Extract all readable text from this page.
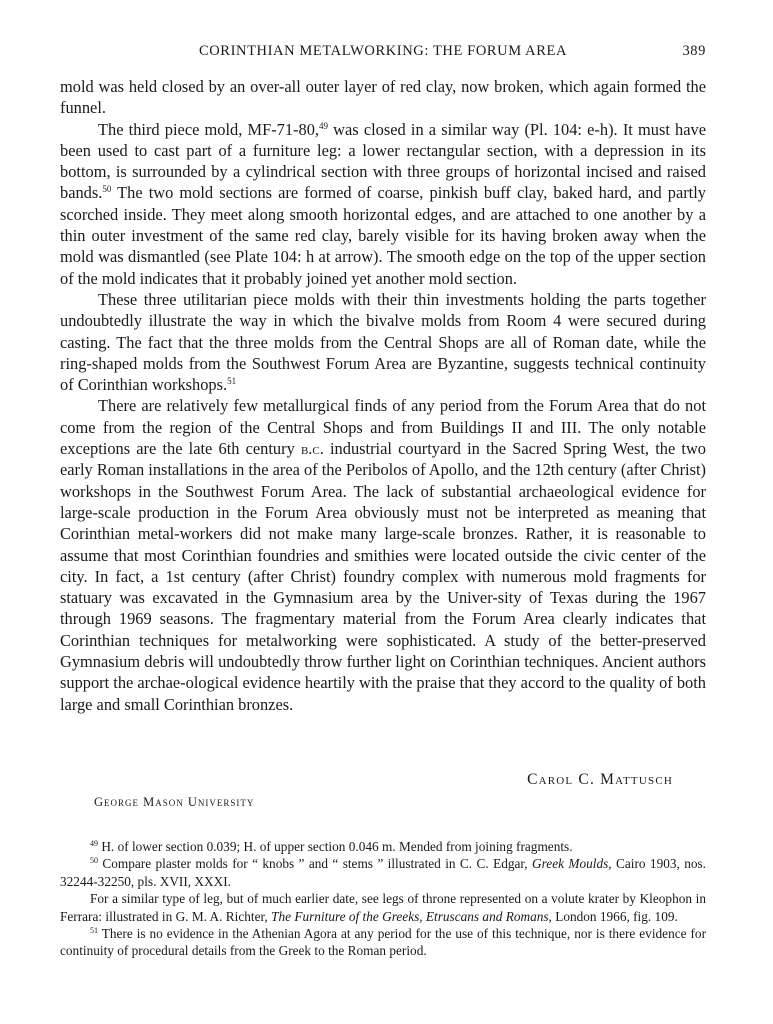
CORINTHIAN METALWORKING: THE FORUM AREA	389

mold was held closed by an over-all outer layer of red clay, now broken, which again formed the funnel.

The third piece mold, MF-71-80,49 was closed in a similar way (Pl. 104: e-h). It must have been used to cast part of a furniture leg: a lower rectangular section, with a depression in its bottom, is surrounded by a cylindrical section with three groups of horizontal incised and raised bands.$^{50}$ The two mold sections are formed of coarse, pinkish buff clay, baked hard, and partly scorched inside. They meet along smooth horizontal edges, and are attached to one another by a thin outer investment of the same red clay, barely visible for its having broken away when the mold was dismantled (see Plate 104: h at arrow). The smooth edge on the top of the upper section of the mold indicates that it probably joined yet another mold section.

These three utilitarian piece molds with their thin investments holding the parts together undoubtedly illustrate the way in which the bivalve molds from Room 4 were secured during casting. The fact that the three molds from the Central Shops are all of Roman date, while the ring-shaped molds from the Southwest Forum Area are Byzantine, suggests technical continuity of Corinthian workshops.$^{51}$

There are relatively few metallurgical finds of any period from the Forum Area that do not come from the region of the Central Shops and from Buildings II and III. The only notable exceptions are the late 6th century b.c. industrial courtyard in the Sacred Spring West, the two early Roman installations in the area of the Peribolos of Apollo, and the 12th century (after Christ) workshops in the Southwest Forum Area. The lack of substantial archaeological evidence for large-scale production in the Forum Area obviously must not be interpreted as meaning that Corinthian metal-workers did not make many large-scale bronzes. Rather, it is reasonable to assume that most Corinthian foundries and smithies were located outside the civic center of the city. In fact, a 1st century (after Christ) foundry complex with numerous mold fragments for statuary was excavated in the Gymnasium area by the Univer-sity of Texas during the 1967 through 1969 seasons. The fragmentary material from the Forum Area clearly indicates that Corinthian techniques for metalworking were sophisticated. A study of the better-preserved Gymnasium debris will undoubtedly throw further light on Corinthian techniques. Ancient authors support the archae-ological evidence heartily with the praise that they accord to the quality of both large and small Corinthian bronzes.

Carol C. Mattusch
George Mason University

$^{49}$ H. of lower section 0.039; H. of upper section 0.046 m. Mended from joining fragments.

$^{50}$ Compare plaster molds for “ knobs ” and “ stems ” illustrated in C. C. Edgar, Greek Moulds, Cairo 1903, nos. 32244-32250, pls. XVII, XXXI.

For a similar type of leg, but of much earlier date, see legs of throne represented on a volute krater by Kleophon in Ferrara: illustrated in G. M. A. Richter, The Furniture of the Greeks, Etruscans and Romans, London 1966, fig. 109.

$^{51}$ There is no evidence in the Athenian Agora at any period for the use of this technique, nor is there evidence for continuity of procedural details from the Greek to the Roman period.
